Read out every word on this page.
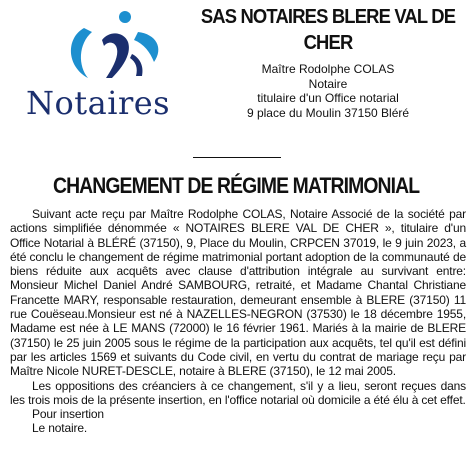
Notaires
SAS NOTAIRES BLERE VAL DE CHER
Maître Rodolphe COLAS
Notaire
titulaire d'un Office notarial
9 place du Moulin 37150 Bléré
CHANGEMENT DE RÉGIME MATRIMONIAL

Suivant acte reçu par Maître Rodolphe COLAS, Notaire Associé de la société par actions simplifiée dénommée « NOTAIRES BLERE VAL DE CHER », titulaire d'un Office Notarial à BLÉRÉ (37150), 9, Place du Moulin, CRPCEN 37019, le 9 juin 2023, a été conclu le changement de régime matrimonial portant adoption de la communauté de biens réduite aux acquêts avec clause d'attribution intégrale au survivant entre: Monsieur Michel Daniel André SAMBOURG, retraité, et Madame Chantal Christiane Francette MARY, responsable restauration, demeurant ensemble à BLERE (37150) 11 rue Couëseau.Monsieur est né à NAZELLES-NEGRON (37530) le 18 décembre 1955, Madame est née à LE MANS (72000) le 16 février 1961. Mariés à la mairie de BLERE (37150) le 25 juin 2005 sous le régime de la participation aux acquêts, tel qu'il est défini par les articles 1569 et suivants du Code civil, en vertu du contrat de mariage reçu par Maître Nicole NURET-DESCLE, notaire à BLERE (37150), le 12 mai 2005.

Les oppositions des créanciers à ce changement, s'il y a lieu, seront reçues dans les trois mois de la présente insertion, en l'office notarial où domicile a été élu à cet effet.

Pour insertion

Le notaire.
